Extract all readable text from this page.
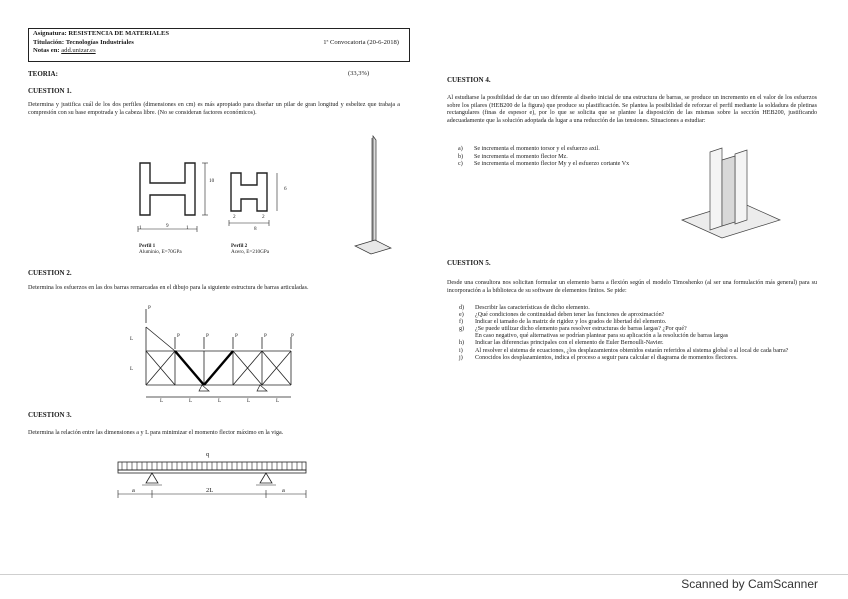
Asignatura: RESISTENCIA DE MATERIALES
Titulación: Tecnologías Industriales
Notas en: add.unizar.es
1ª Convocatoria (20-6-2018)
TEORIA:	(33,3%)
CUESTION 1.
Determina y justifica cuál de los dos perfiles (dimensiones en cm) es más apropiado para diseñar un pilar de gran longitud y esbeltez que trabaja a compresión con su base empotrada y la cabeza libre. (No se consideran factores económicos).
10
9
1	1
Perfil 1
Aluminio, E=70GPa
2	2
8
6
Perfil 2
Acero, E=210GPa
CUESTION 2.
Determina los esfuerzos en las dos barras remarcadas en el dibujo para la siguiente estructura de barras articuladas.
P
P	P	P	P	P
L
L
L	L	L	L	L
CUESTION 3.
Determina la relación entre las dimensiones a y L para minimizar el momento flector máximo en la viga.
q
a	2L	a
CUESTION 4.
Al estudiarse la posibilidad de dar un uso diferente al diseño inicial de una estructura de barras, se produce un incremento en el valor de los esfuerzos sobre los pilares (HEB200 de la figura) que produce su plastificación. Se plantea la posibilidad de reforzar el perfil mediante la soldadura de pletinas rectangulares (finas de espesor e), por lo que se solicita que se plantee la disposición de las mismas sobre la sección HEB200, justificando adecuadamente que la solución adoptada da lugar a una reducción de las tensiones. Situaciones a estudiar:
a)	Se incrementa el momento torsor y el esfuerzo axil.
b)	Se incrementa el momento flector Mz.
c)	Se incrementa el momento flector My y el esfuerzo cortante Vx
CUESTION 5.
Desde una consultora nos solicitan formular un elemento barra a flexión según el modelo Timoshenko (al ser una formulación más general) para su incorporación a la biblioteca de su software de elementos finitos. Se pide:
d)	Describir las características de dicho elemento.
e)	¿Qué condiciones de continuidad deben tener las funciones de aproximación?
f)	Indicar el tamaño de la matriz de rigidez y los grados de libertad del elemento.
g)	¿Se puede utilizar dicho elemento para resolver estructuras de barras largas? ¿Por qué?
En caso negativo, qué alternativas se podrían plantear para su aplicación a la resolución de barras largas
h)	Indicar las diferencias principales con el elemento de Euler Bernoulli-Navier.
i)	Al resolver el sistema de ecuaciones, ¿los desplazamientos obtenidos estarán referidos al sistema global o al local de cada barra?
j)	Conocidos los desplazamientos, indica el proceso a seguir para calcular el diagrama de momentos flectores.
Scanned by CamScanner
